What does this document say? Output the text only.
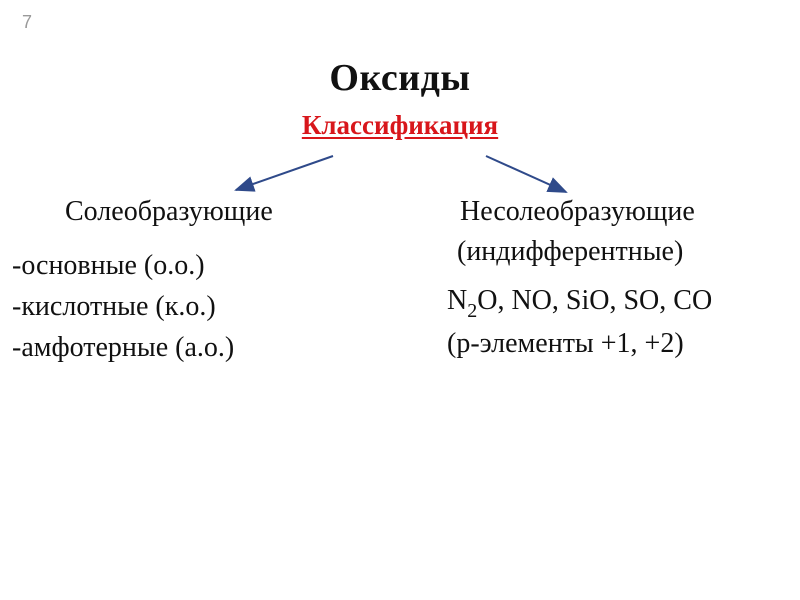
7
Оксиды
Классификация
Солеобразующие
-основные (о.о.)
-кислотные (к.о.)
-амфотерные (а.о.)
Несолеобразующие
(индифферентные)
$N_2O$, NO, SiO, SO, CO
(p-элементы +1, +2)
